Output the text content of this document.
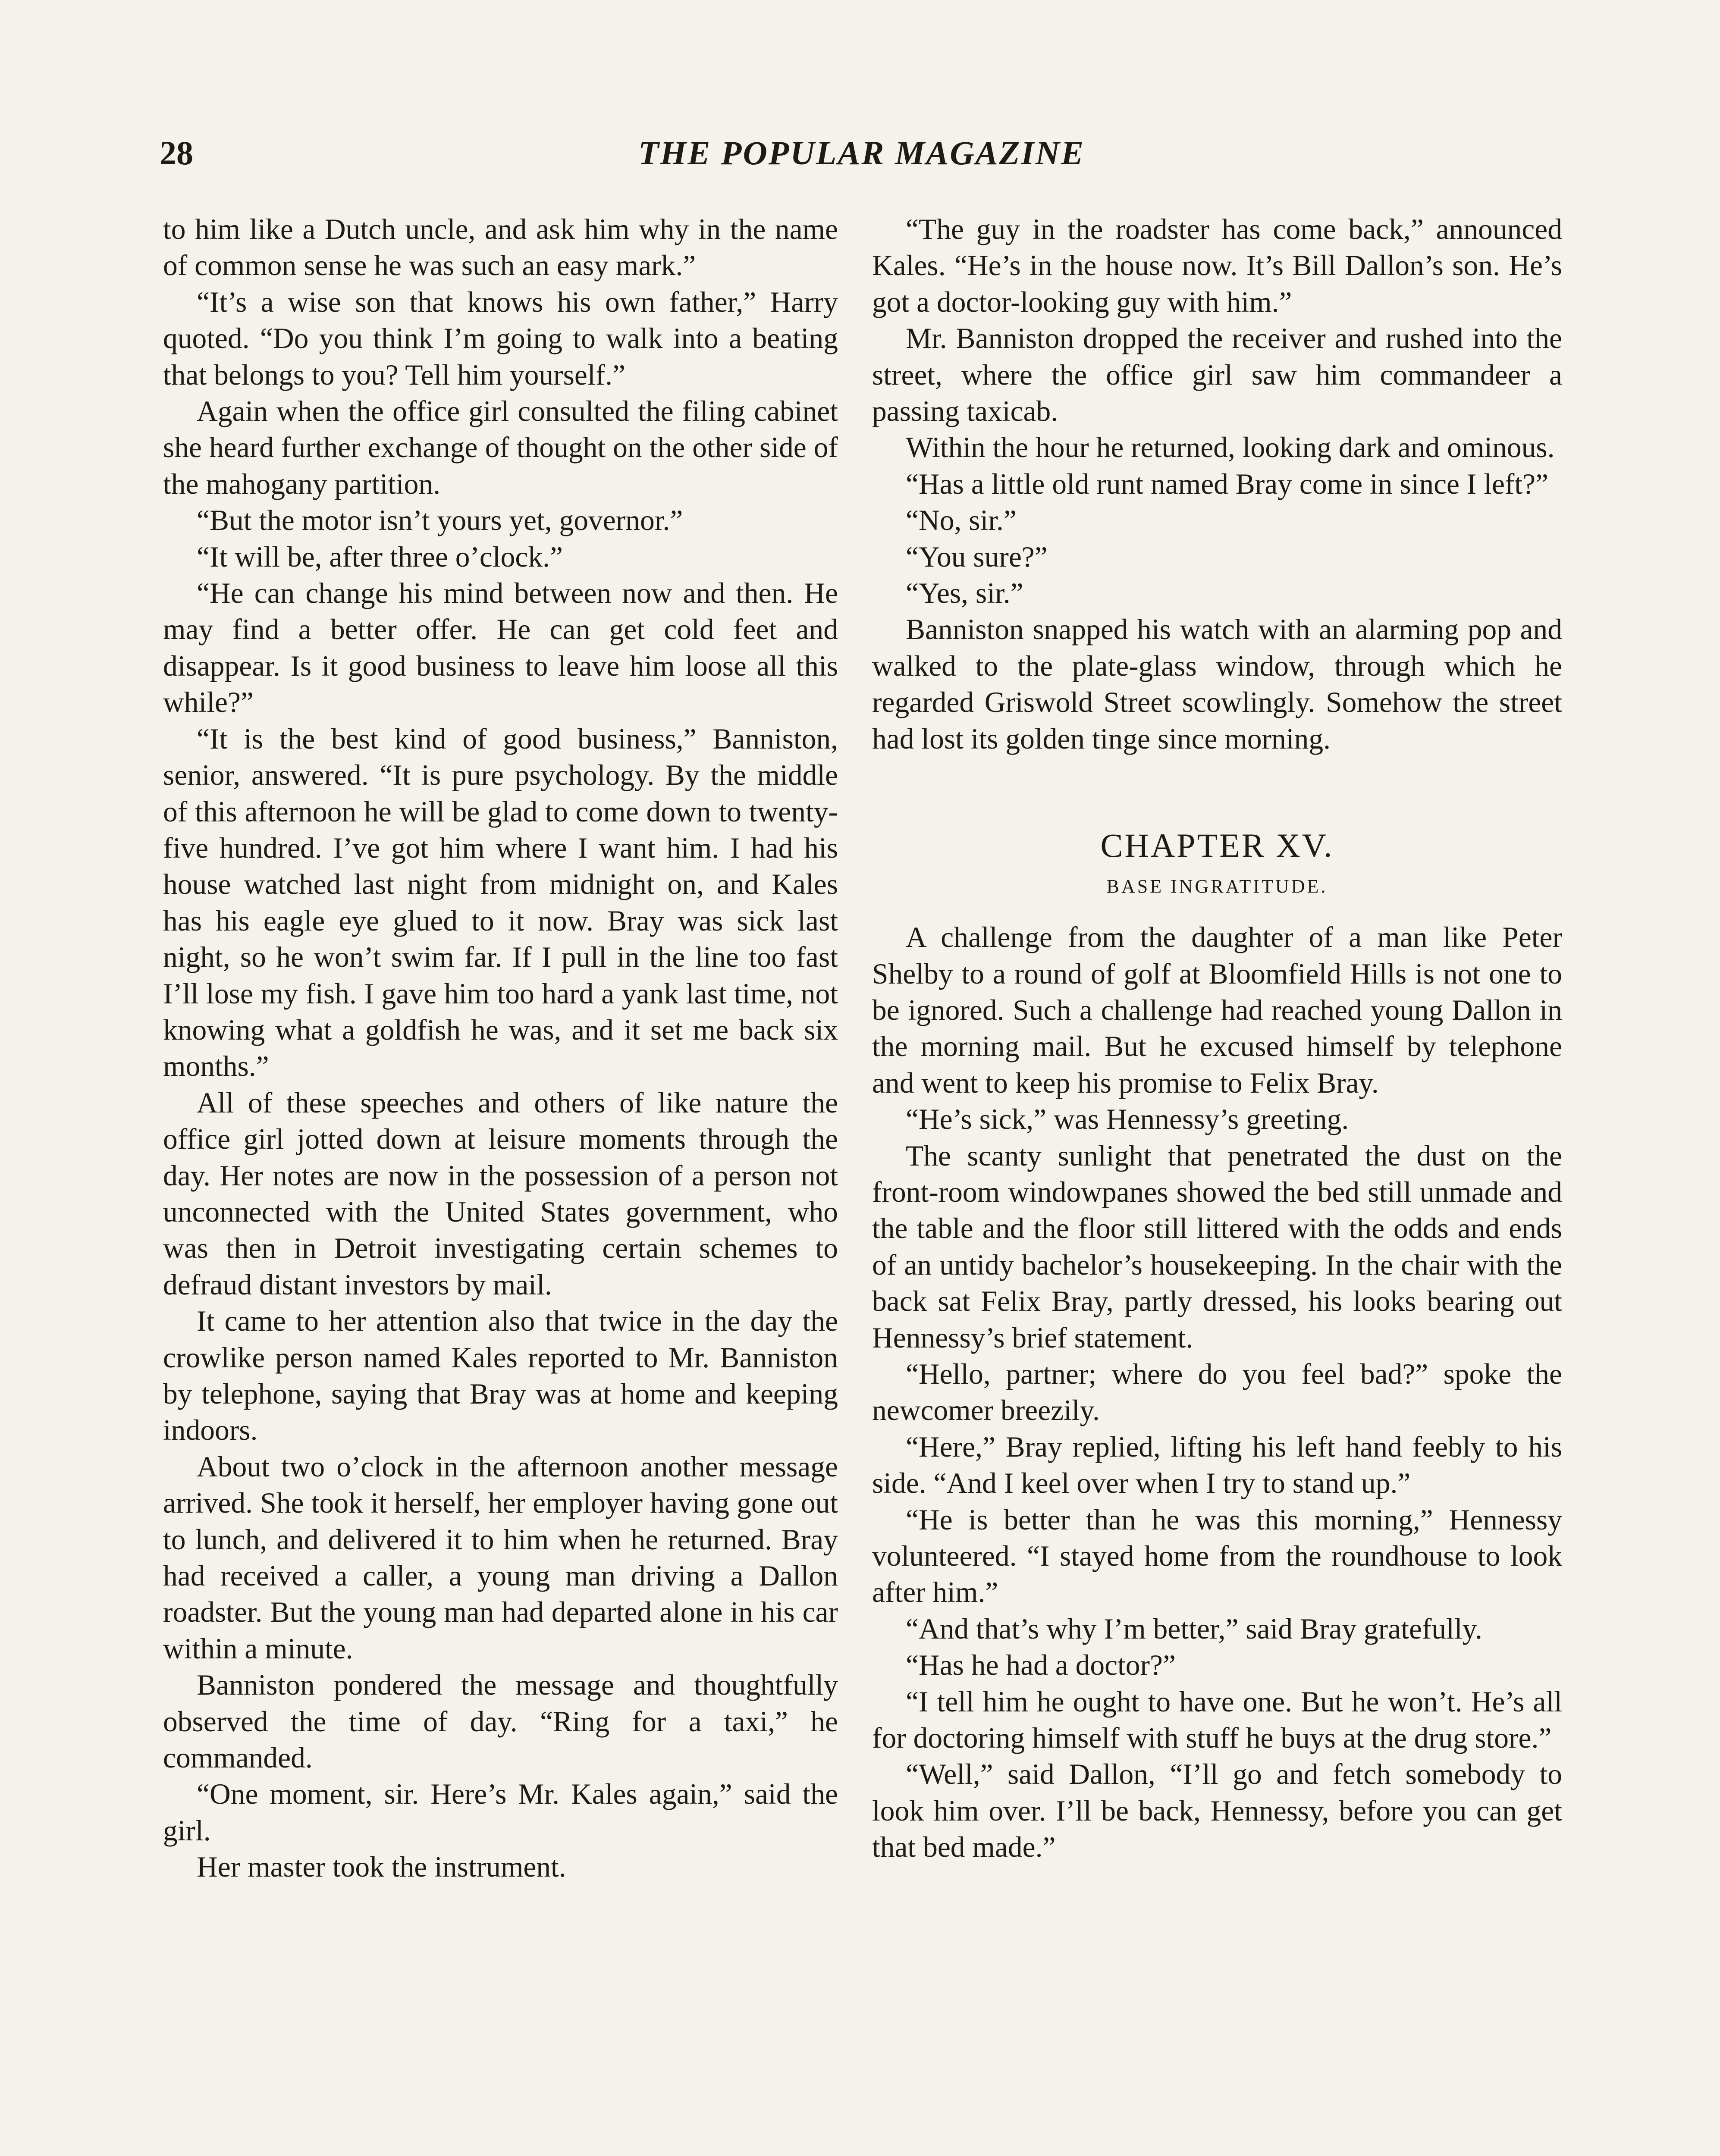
28	THE POPULAR MAGAZINE

to him like a Dutch uncle, and ask him why in the name of common sense he was such an easy mark.”

“It’s a wise son that knows his own father,” Harry quoted. “Do you think I’m going to walk into a beating that belongs to you? Tell him yourself.”

Again when the office girl consulted the filing cabinet she heard further exchange of thought on the other side of the mahogany partition.

“But the motor isn’t yours yet, governor.”

“It will be, after three o’clock.”

“He can change his mind between now and then. He may find a better offer. He can get cold feet and disappear. Is it good business to leave him loose all this while?”

“It is the best kind of good business,” Banniston, senior, answered. “It is pure psychology. By the middle of this afternoon he will be glad to come down to twenty-five hundred. I’ve got him where I want him. I had his house watched last night from midnight on, and Kales has his eagle eye glued to it now. Bray was sick last night, so he won’t swim far. If I pull in the line too fast I’ll lose my fish. I gave him too hard a yank last time, not knowing what a goldfish he was, and it set me back six months.”

All of these speeches and others of like nature the office girl jotted down at leisure moments through the day. Her notes are now in the possession of a person not unconnected with the United States government, who was then in Detroit investigating certain schemes to defraud distant investors by mail.

It came to her attention also that twice in the day the crowlike person named Kales reported to Mr. Banniston by telephone, saying that Bray was at home and keeping indoors.

About two o’clock in the afternoon another message arrived. She took it herself, her employer having gone out to lunch, and delivered it to him when he returned. Bray had received a caller, a young man driving a Dallon roadster. But the young man had departed alone in his car within a minute.

Banniston pondered the message and thoughtfully observed the time of day. “Ring for a taxi,” he commanded.

“One moment, sir. Here’s Mr. Kales again,” said the girl.

Her master took the instrument.

“The guy in the roadster has come back,” announced Kales. “He’s in the house now. It’s Bill Dallon’s son. He’s got a doctor-looking guy with him.”

Mr. Banniston dropped the receiver and rushed into the street, where the office girl saw him commandeer a passing taxicab.

Within the hour he returned, looking dark and ominous.

“Has a little old runt named Bray come in since I left?”

“No, sir.”

“You sure?”

“Yes, sir.”

Banniston snapped his watch with an alarming pop and walked to the plate-glass window, through which he regarded Griswold Street scowlingly. Somehow the street had lost its golden tinge since morning.

CHAPTER XV.
BASE INGRATITUDE.

A challenge from the daughter of a man like Peter Shelby to a round of golf at Bloomfield Hills is not one to be ignored. Such a challenge had reached young Dallon in the morning mail. But he excused himself by telephone and went to keep his promise to Felix Bray.

“He’s sick,” was Hennessy’s greeting.

The scanty sunlight that penetrated the dust on the front-room windowpanes showed the bed still unmade and the table and the floor still littered with the odds and ends of an untidy bachelor’s housekeeping. In the chair with the back sat Felix Bray, partly dressed, his looks bearing out Hennessy’s brief statement.

“Hello, partner; where do you feel bad?” spoke the newcomer breezily.

“Here,” Bray replied, lifting his left hand feebly to his side. “And I keel over when I try to stand up.”

“He is better than he was this morning,” Hennessy volunteered. “I stayed home from the roundhouse to look after him.”

“And that’s why I’m better,” said Bray gratefully.

“Has he had a doctor?”

“I tell him he ought to have one. But he won’t. He’s all for doctoring himself with stuff he buys at the drug store.”

“Well,” said Dallon, “I’ll go and fetch somebody to look him over. I’ll be back, Hennessy, before you can get that bed made.”
